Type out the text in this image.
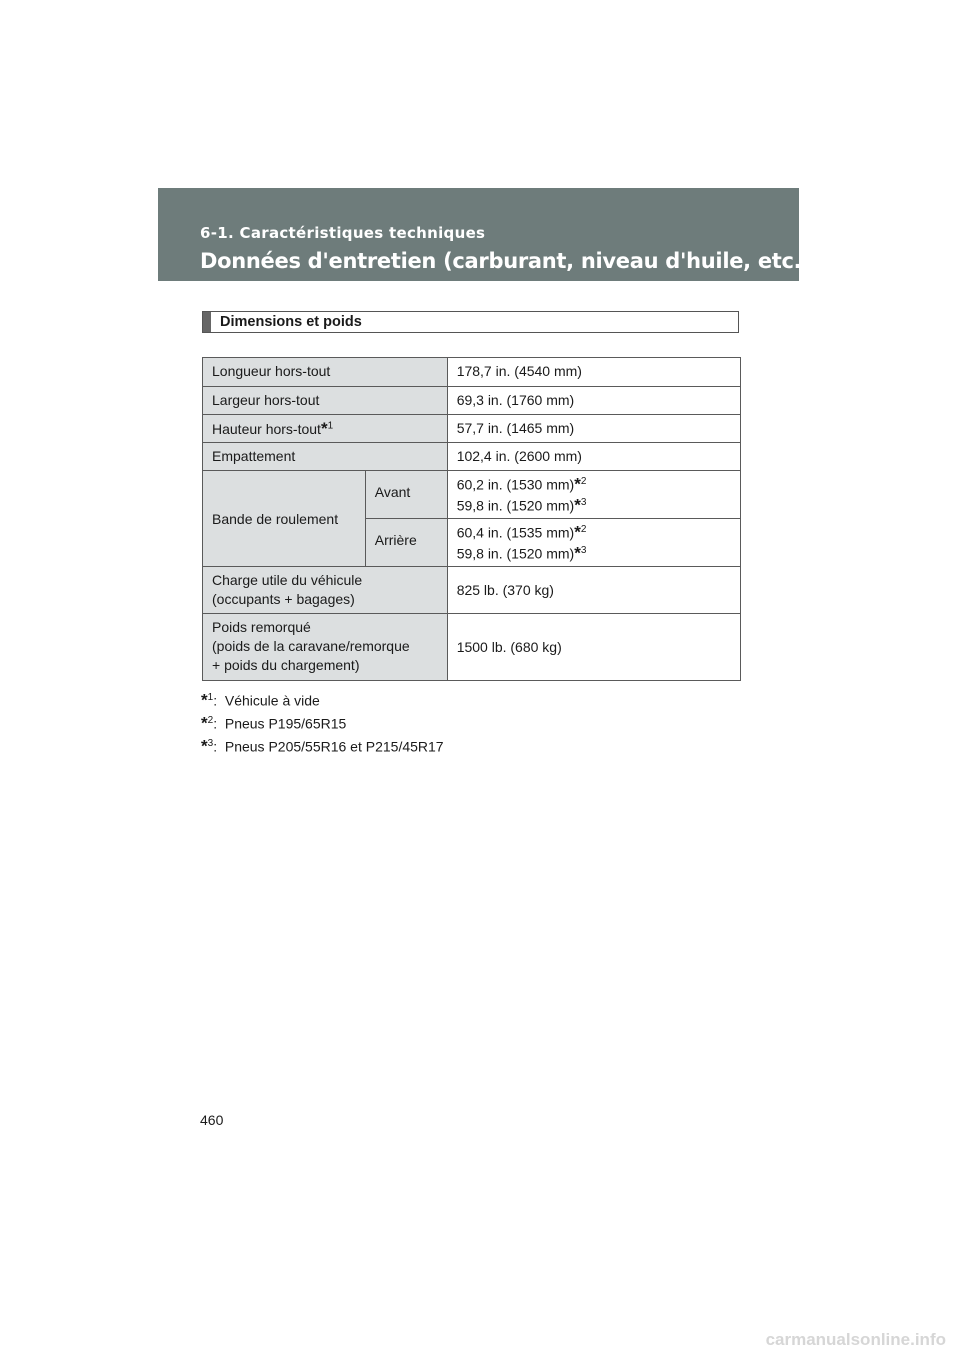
6-1. Caractéristiques techniques
Données d'entretien (carburant, niveau d'huile, etc.)
Dimensions et poids
Longueur hors-tout		178,7 in. (4540 mm)
Largeur hors-tout		69,3 in. (1760 mm)
Hauteur hors-tout*$^1$		57,7 in. (1465 mm)
Empattement		102,4 in. (2600 mm)
Bande de roulement	Avant	60,2 in. (1530 mm)*$^2$
59,8 in. (1520 mm)*$^3$
	Arrière	60,4 in. (1535 mm)*$^2$
59,8 in. (1520 mm)*$^3$
Charge utile du véhicule
(occupants + bagages)		825 lb. (370 kg)
Poids remorqué
(poids de la caravane/remorque
+ poids du chargement)		1500 lb. (680 kg)
*$^1$:  Véhicule à vide
*$^2$:  Pneus P195/65R15
*$^3$:  Pneus P205/55R16 et P215/45R17
460
carmanualsonline.info
